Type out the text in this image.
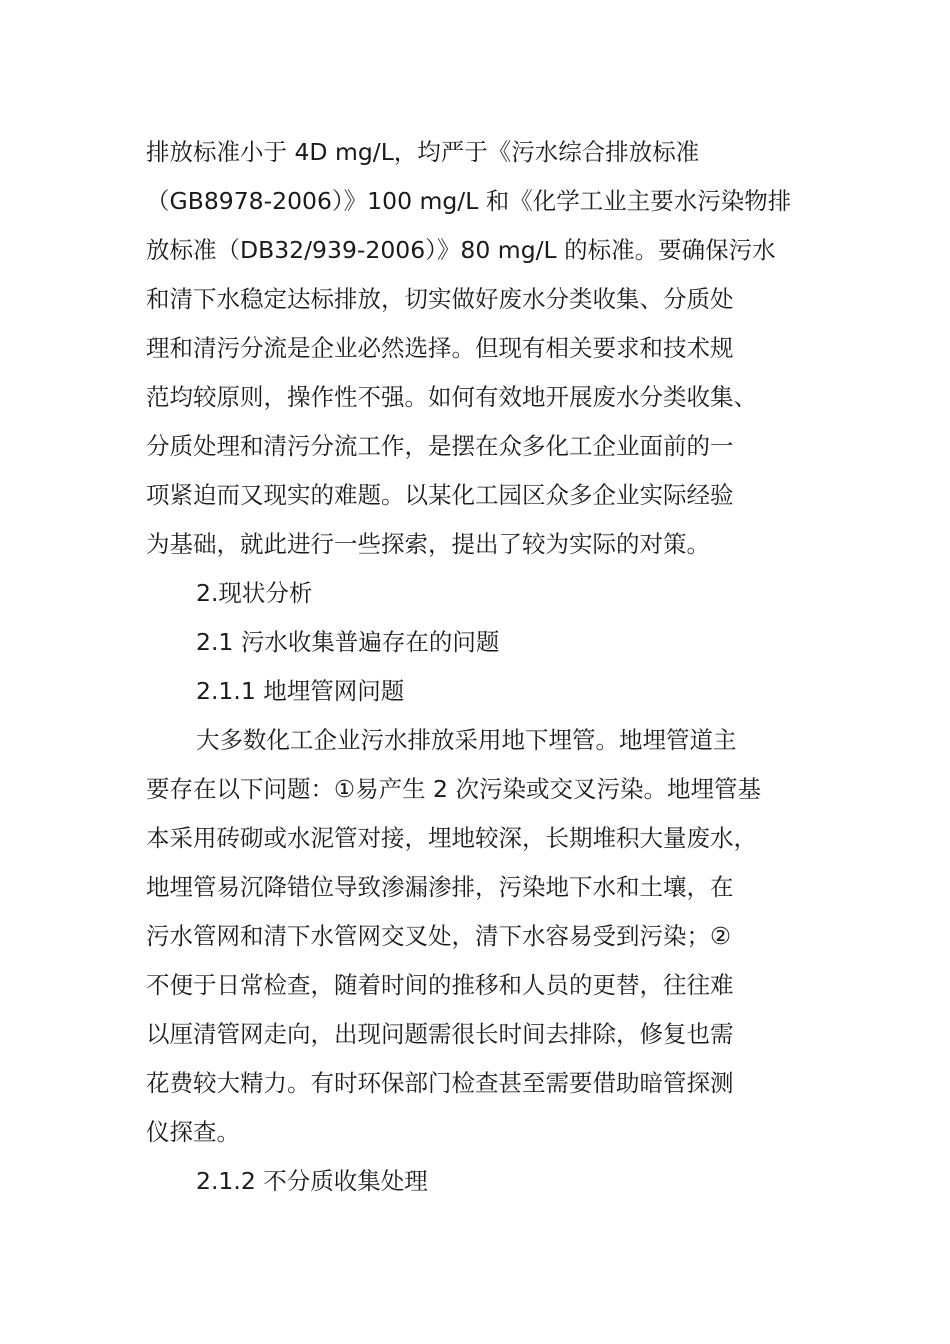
排放标准小于 4D mg/L，均严于《污水综合排放标准
（GB8978-2006）》100 mg/L 和《化学工业主要水污染物排
放标准（DB32/939-2006）》80 mg/L 的标准。要确保污水
和清下水稳定达标排放，切实做好废水分类收集、分质处
理和清污分流是企业必然选择。但现有相关要求和技术规
范均较原则，操作性不强。如何有效地开展废水分类收集、
分质处理和清污分流工作，是摆在众多化工企业面前的一
项紧迫而又现实的难题。以某化工园区众多企业实际经验
为基础，就此进行一些探索，提出了较为实际的对策。
2.现状分析
2.1 污水收集普遍存在的问题
2.1.1 地埋管网问题
大多数化工企业污水排放采用地下埋管。地埋管道主
要存在以下问题：①易产生 2 次污染或交叉污染。地埋管基
本采用砖砌或水泥管对接，埋地较深，长期堆积大量废水，
地埋管易沉降错位导致渗漏渗排，污染地下水和土壤，在
污水管网和清下水管网交叉处，清下水容易受到污染；②
不便于日常检查，随着时间的推移和人员的更替，往往难
以厘清管网走向，出现问题需很长时间去排除，修复也需
花费较大精力。有时环保部门检查甚至需要借助暗管探测
仪探查。
2.1.2 不分质收集处理
